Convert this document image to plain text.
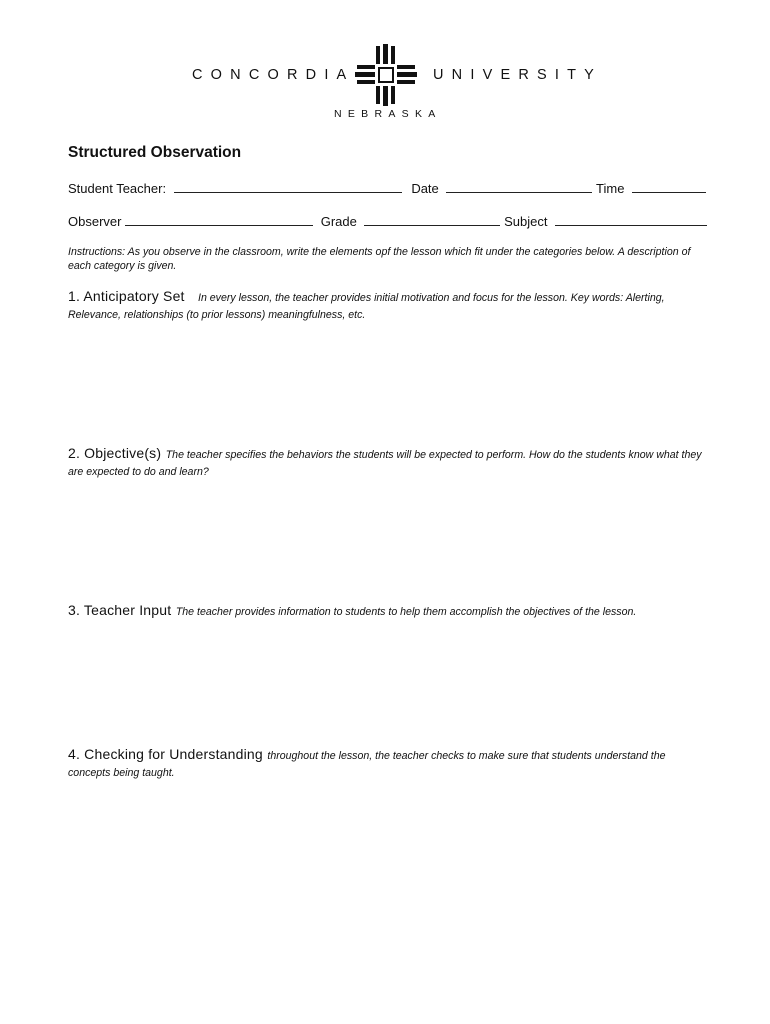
CONCORDIA	UNIVERSITY
NEBRASKA
Structured Observation
Student Teacher:	Date	Time
Observer	Grade	Subject

Instructions: As you observe in the classroom, write the elements opf the lesson which fit under the categories below. A description of each category is given.

1. Anticipatory Set In every lesson, the teacher provides initial motivation and focus for the lesson. Key words: Alerting, Relevance, relationships (to prior lessons) meaningfulness, etc.

2. Objective(s) The teacher specifies the behaviors the students will be expected to perform. How do the students know what they are expected to do and learn?

3. Teacher Input The teacher provides information to students to help them accomplish the objectives of the lesson.

4. Checking for Understanding throughout the lesson, the teacher checks to make sure that students understand the concepts being taught.
